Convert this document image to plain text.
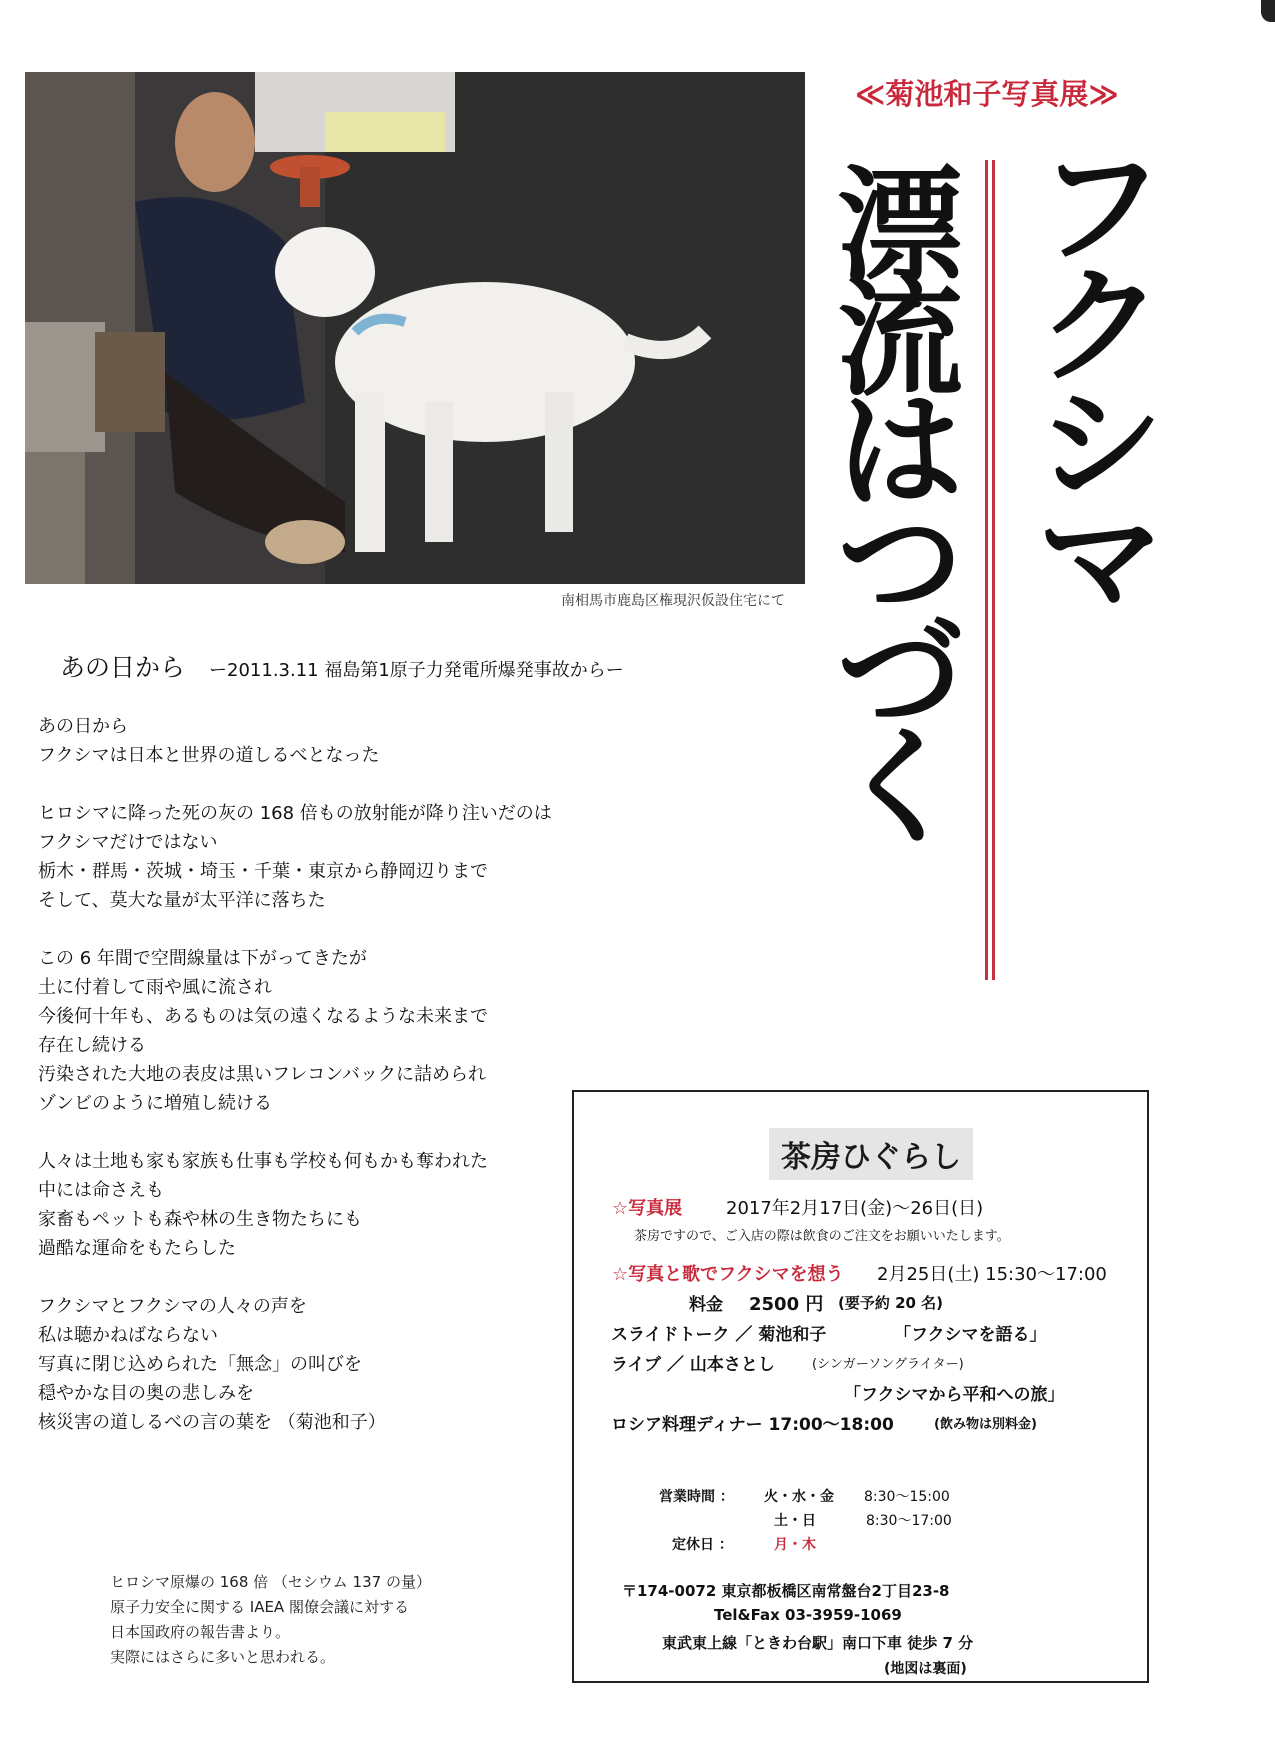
南相馬市鹿島区権現沢仮設住宅にて
≪菊池和子写真展≫
フ
ク
シ
マ
漂
流
は
つ
づ
く
あの日から ー2011.3.11 福島第1原子力発電所爆発事故からー
あの日から
フクシマは日本と世界の道しるべとなった
ヒロシマに降った死の灰の 168 倍もの放射能が降り注いだのは
フクシマだけではない
栃木・群馬・茨城・埼玉・千葉・東京から静岡辺りまで
そして、莫大な量が太平洋に落ちた
この 6 年間で空間線量は下がってきたが
土に付着して雨や風に流され
今後何十年も、あるものは気の遠くなるような未来まで
存在し続ける
汚染された大地の表皮は黒いフレコンバックに詰められ
ゾンビのように増殖し続ける
人々は土地も家も家族も仕事も学校も何もかも奪われた
中には命さえも
家畜もペットも森や林の生き物たちにも
過酷な運命をもたらした
フクシマとフクシマの人々の声を
私は聴かねばならない
写真に閉じ込められた「無念」の叫びを
穏やかな目の奥の悲しみを
核災害の道しるべの言の葉を （菊池和子）
ヒロシマ原爆の 168 倍 （セシウム 137 の量）
原子力安全に関する IAEA 閣僚会議に対する
日本国政府の報告書より。
実際にはさらに多いと思われる。
茶房ひぐらし
☆写真展 2017年2月17日(金)～26日(日)
茶房ですので、ご入店の際は飲食のご注文をお願いいたします。
☆写真と歌でフクシマを想う 2月25日(土) 15:30～17:00
料金 2500 円 (要予約 20 名)
スライドトーク ／ 菊池和子	「フクシマを語る」
ライブ ／ 山本さとし	(シンガーソングライター)
「フクシマから平和への旅」
ロシア料理ディナー 17:00～18:00	(飲み物は別料金)
営業時間 ： 火・水・金 8:30～15:00
土・日	8:30～17:00
定休日 ：	月・木
〒174-0072 東京都板橋区南常盤台2丁目23-8
Tel&Fax 03-3959-1069
東武東上線「ときわ台駅」南口下車 徒歩 7 分
(地図は裏面)
